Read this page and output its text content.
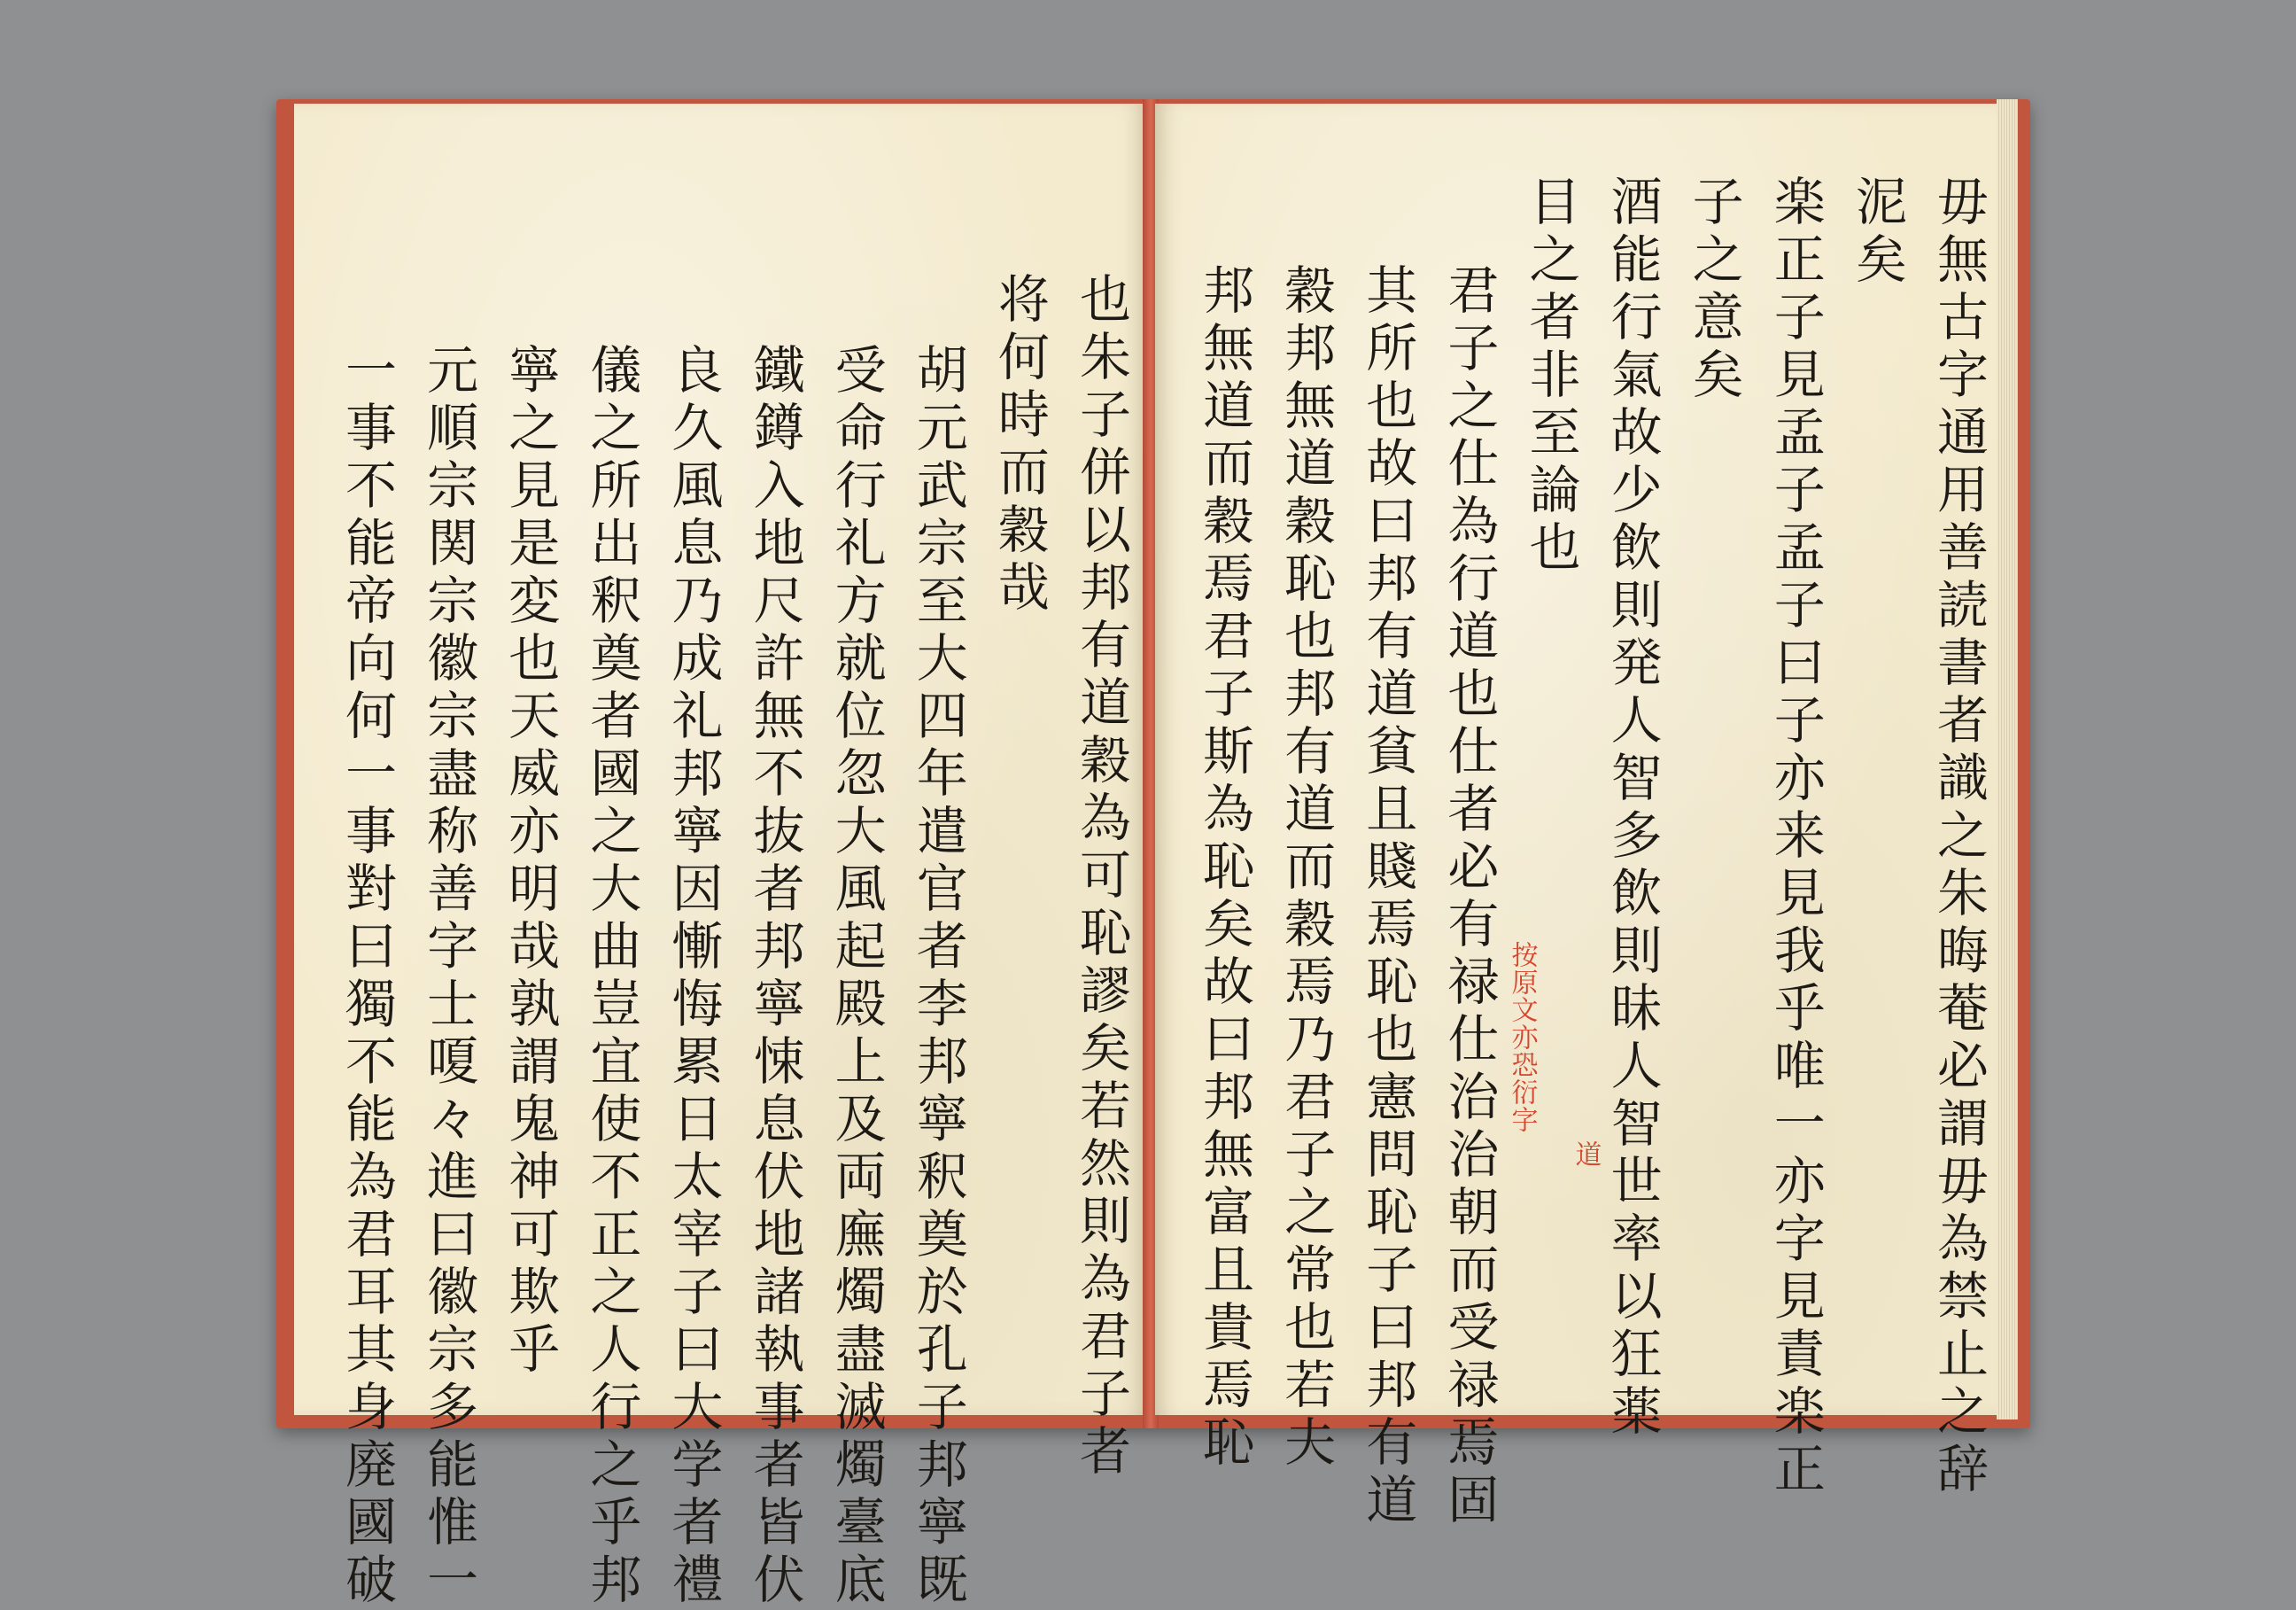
也朱子併以邦有道穀為可恥謬矣若然則為君子者
将何時而穀哉
胡元武宗至大四年遣官者李邦寧釈奠於孔子邦寧既
受命行礼方就位忽大風起殿上及両廡燭盡滅燭臺底
鐵鐏入地尺許無不抜者邦寧悚息伏地諸執事者皆伏
良久風息乃成礼邦寧因慚悔累日太宰子曰大学者禮
儀之所出釈奠者國之大曲豈宜使不正之人行之乎邦
寧之見是変也天威亦明哉孰謂鬼神可欺乎
元順宗関宗徽宗盡称善字士嗄々進曰徽宗多能惟一
一事不能帝向何一事對曰獨不能為君耳其身廃國破	毋無古字通用善読書者識之朱晦菴必謂毋為禁止之辞
泥矣
楽正子見孟子孟子曰子亦来見我乎唯一亦字見責楽正
子之意矣
酒能行氣故少飲則発人智多飲則昧人智世率以狂薬
目之者非至論也
君子之仕為行道也仕者必有禄仕治治朝而受禄焉固
其所也故曰邦有道貧且賤焉恥也憲問恥子曰邦有道
穀邦無道穀恥也邦有道而穀焉乃君子之常也若夫
邦無道而穀焉君子斯為恥矣故曰邦無富且貴焉恥	按原文亦恐衍字
道
